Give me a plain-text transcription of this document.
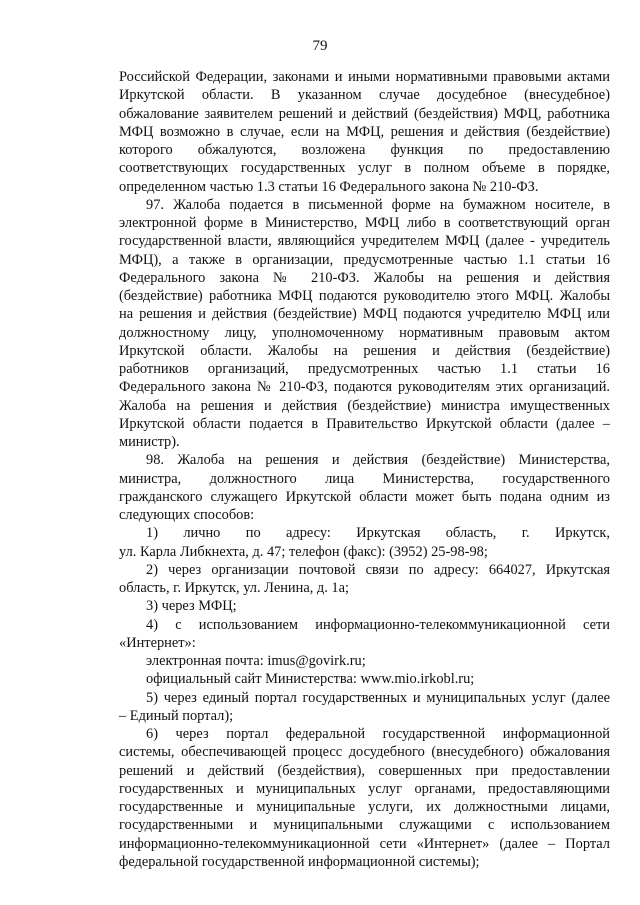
79

Российской Федерации, законами и иными нормативными правовыми актами

Иркутской области. В указанном случае досудебное (внесудебное)

обжалование заявителем решений и действий (бездействия) МФЦ, работника

МФЦ возможно в случае, если на МФЦ, решения и действия (бездействие)

которого обжалуются, возложена функция по предоставлению

соответствующих государственных услуг в полном объеме в порядке,

определенном частью 1.3 статьи 16 Федерального закона № 210-ФЗ.

97. Жалоба подается в письменной форме на бумажном носителе, в

электронной форме в Министерство, МФЦ либо в соответствующий орган

государственной власти, являющийся учредителем МФЦ (далее - учредитель

МФЦ), а также в организации, предусмотренные частью 1.1 статьи 16

Федерального закона № 210-ФЗ. Жалобы на решения и действия

(бездействие) работника МФЦ подаются руководителю этого МФЦ. Жалобы

на решения и действия (бездействие) МФЦ подаются учредителю МФЦ или

должностному лицу, уполномоченному нормативным правовым актом

Иркутской области. Жалобы на решения и действия (бездействие)

работников организаций, предусмотренных частью 1.1 статьи 16

Федерального закона № 210-ФЗ, подаются руководителям этих организаций.

Жалоба на решения и действия (бездействие) министра имущественных

Иркутской области подается в Правительство Иркутской области (далее –

министр).

98. Жалоба на решения и действия (бездействие) Министерства,

министра, должностного лица Министерства, государственного

гражданского служащего Иркутской области может быть подана одним из

следующих способов:

1) лично по адресу: Иркутская область, г. Иркутск,

ул. Карла Либкнехта, д. 47; телефон (факс): (3952) 25-98-98;

2) через организации почтовой связи по адресу: 664027, Иркутская

область, г. Иркутск, ул. Ленина, д. 1а;

3) через МФЦ;

4) с использованием информационно-телекоммуникационной сети

«Интернет»:

электронная почта: imus@govirk.ru;

официальный сайт Министерства: www.mio.irkobl.ru;

5) через единый портал государственных и муниципальных услуг (далее

– Единый портал);

6) через портал федеральной государственной информационной

системы, обеспечивающей процесс досудебного (внесудебного) обжалования

решений и действий (бездействия), совершенных при предоставлении

государственных и муниципальных услуг органами, предоставляющими

государственные и муниципальные услуги, их должностными лицами,

государственными и муниципальными служащими с использованием

информационно-телекоммуникационной сети «Интернет» (далее – Портал

федеральной государственной информационной системы);
